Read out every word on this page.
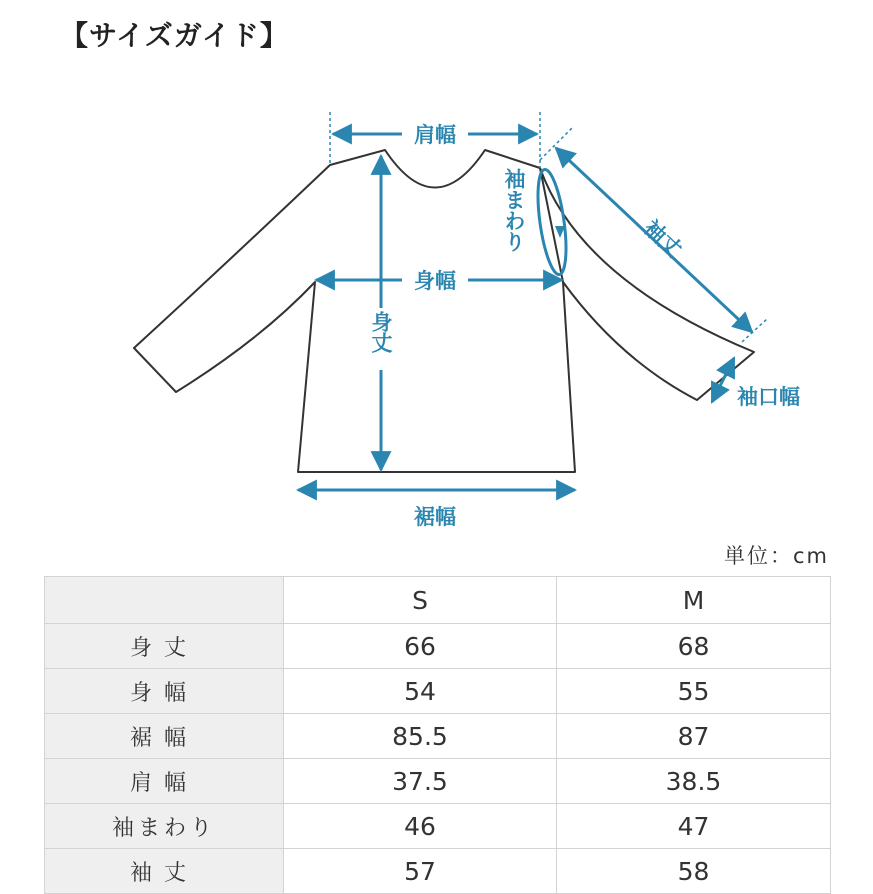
【サイズガイド】
肩幅
身幅
裾幅
身丈
袖まわり	袖丈
袖口幅
単位：cm
	S	M
身丈	66	68
身幅	54	55
裾幅	85.5	87
肩幅	37.5	38.5
袖まわり	46	47
袖丈	57	58
